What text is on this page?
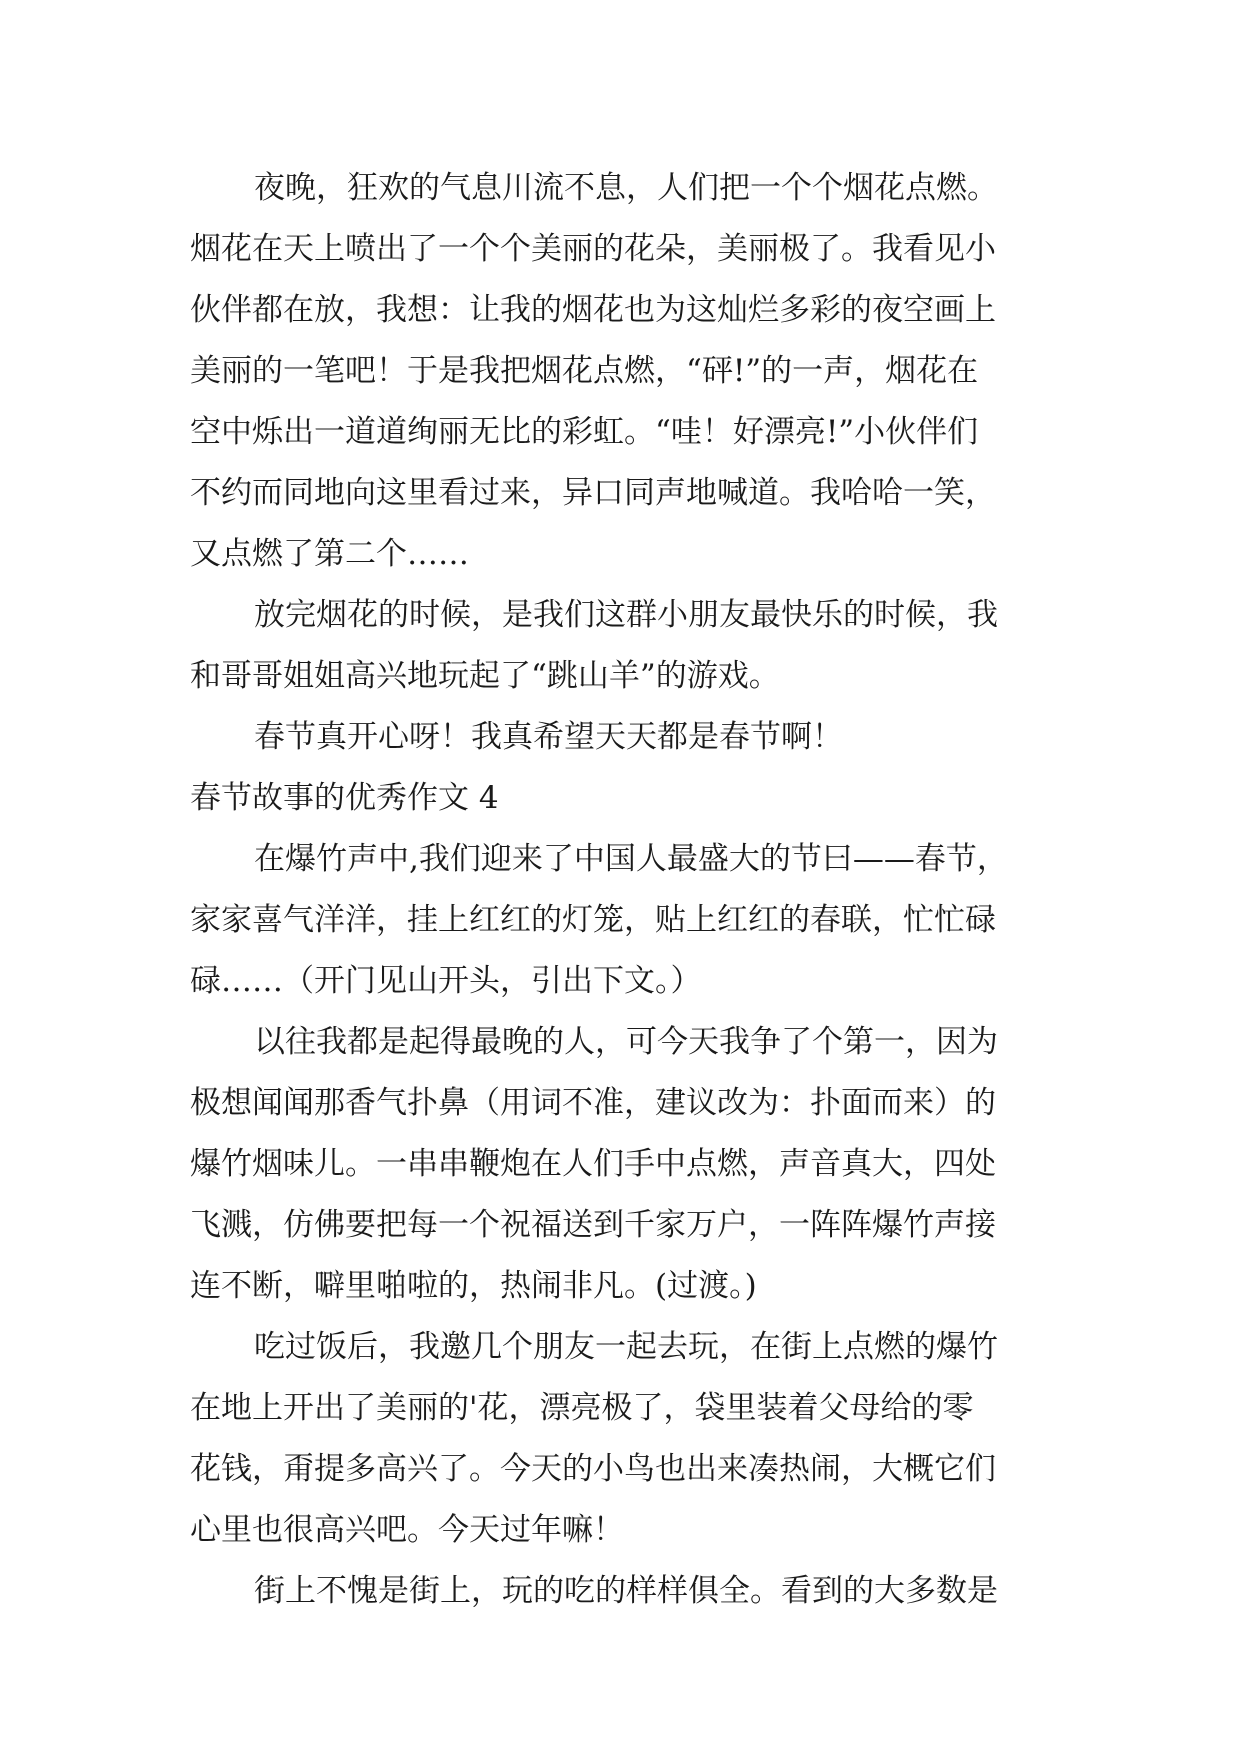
夜晚，狂欢的气息川流不息，人们把一个个烟花点燃。
烟花在天上喷出了一个个美丽的花朵，美丽极了。我看见小
伙伴都在放，我想：让我的烟花也为这灿烂多彩的夜空画上
美丽的一笔吧！于是我把烟花点燃，“砰!”的一声，烟花在
空中烁出一道道绚丽无比的彩虹。“哇！好漂亮!”小伙伴们
不约而同地向这里看过来，异口同声地喊道。我哈哈一笑，
又点燃了第二个……
放完烟花的时候，是我们这群小朋友最快乐的时候，我
和哥哥姐姐高兴地玩起了“跳山羊”的游戏。
春节真开心呀！我真希望天天都是春节啊！
春节故事的优秀作文 4
在爆竹声中,我们迎来了中国人最盛大的节曰——春节，
家家喜气洋洋，挂上红红的灯笼，贴上红红的春联，忙忙碌
碌……（开门见山开头，引出下文。）
以往我都是起得最晚的人，可今天我争了个第一，因为
极想闻闻那香气扑鼻（用词不准，建议改为：扑面而来）的
爆竹烟味儿。一串串鞭炮在人们手中点燃，声音真大，四处
飞溅，仿佛要把每一个祝福送到千家万户，一阵阵爆竹声接
连不断，噼里啪啦的，热闹非凡。(过渡。)
吃过饭后，我邀几个朋友一起去玩，在街上点燃的爆竹
在地上开出了美丽的'花，漂亮极了，袋里装着父母给的零
花钱，甭提多高兴了。今天的小鸟也出来凑热闹，大概它们
心里也很高兴吧。今天过年嘛！
街上不愧是街上，玩的吃的样样俱全。看到的大多数是
